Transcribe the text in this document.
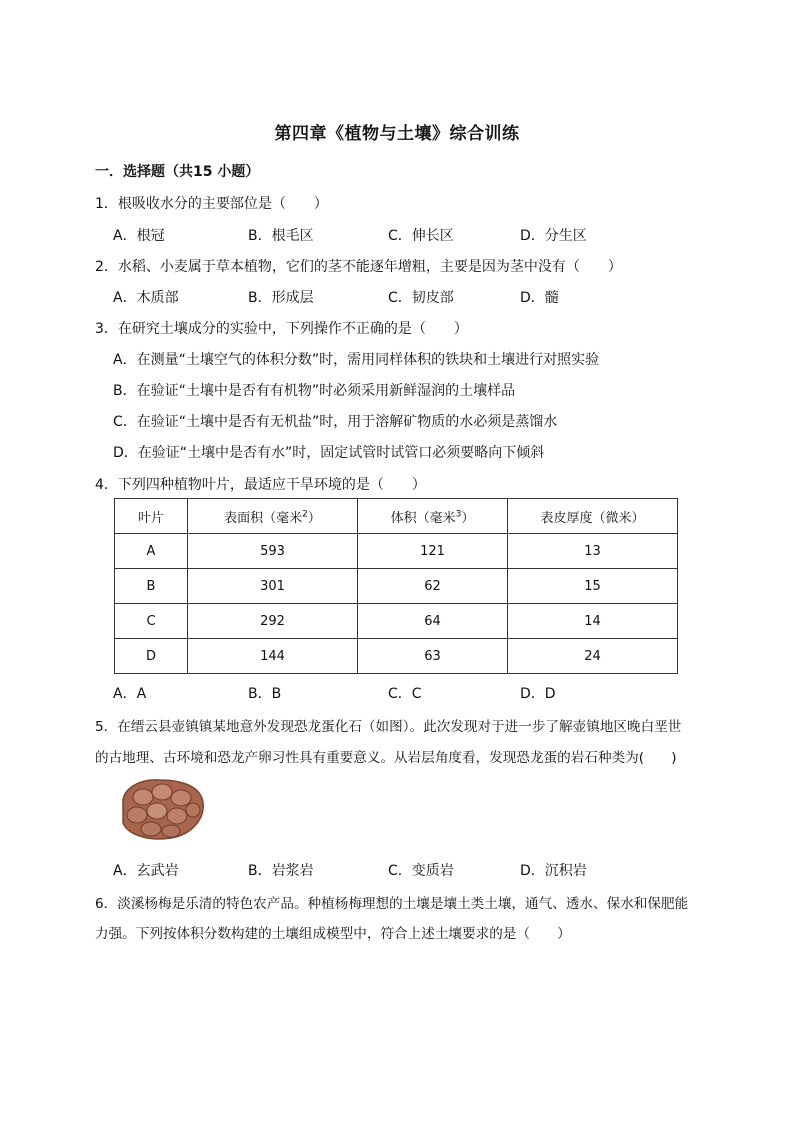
第四章《植物与土壤》综合训练
一．选择题（共15 小题）
1．根吸收水分的主要部位是（　　）
A．根冠	B．根毛区	C．伸长区	D．分生区
2．水稻、小麦属于草本植物，它们的茎不能逐年增粗，主要是因为茎中没有（　　）
A．木质部	B．形成层	C．韧皮部	D．髓
3．在研究土壤成分的实验中，下列操作不正确的是（　　）
A．在测量“土壤空气的体积分数”时，需用同样体积的铁块和土壤进行对照实验
B．在验证“土壤中是否有有机物”时必须采用新鲜湿润的土壤样品
C．在验证“土壤中是否有无机盐”时，用于溶解矿物质的水必须是蒸馏水
D．在验证“土壤中是否有水”时，固定试管时试管口必须要略向下倾斜
4．下列四种植物叶片，最适应干旱环境的是（　　）
叶片	表面积（毫米$^2$）	体积（毫米$^3$）	表皮厚度（微米）
A	593	121	13
B	301	62	15
C	292	64	14
D	144	63	24
A．A	B．B	C．C	D．D
5．在缙云县壶镇镇某地意外发现恐龙蛋化石（如图）。此次发现对于进一步了解壶镇地区晚白垩世
的古地理、古环境和恐龙产卵习性具有重要意义。从岩层角度看，发现恐龙蛋的岩石种类为(　　)
A．玄武岩	B．岩浆岩	C．变质岩	D．沉积岩
6．淡溪杨梅是乐清的特色农产品。种植杨梅理想的土壤是壤土类土壤，通气、透水、保水和保肥能
力强。下列按体积分数构建的土壤组成模型中，符合上述土壤要求的是（　　）
